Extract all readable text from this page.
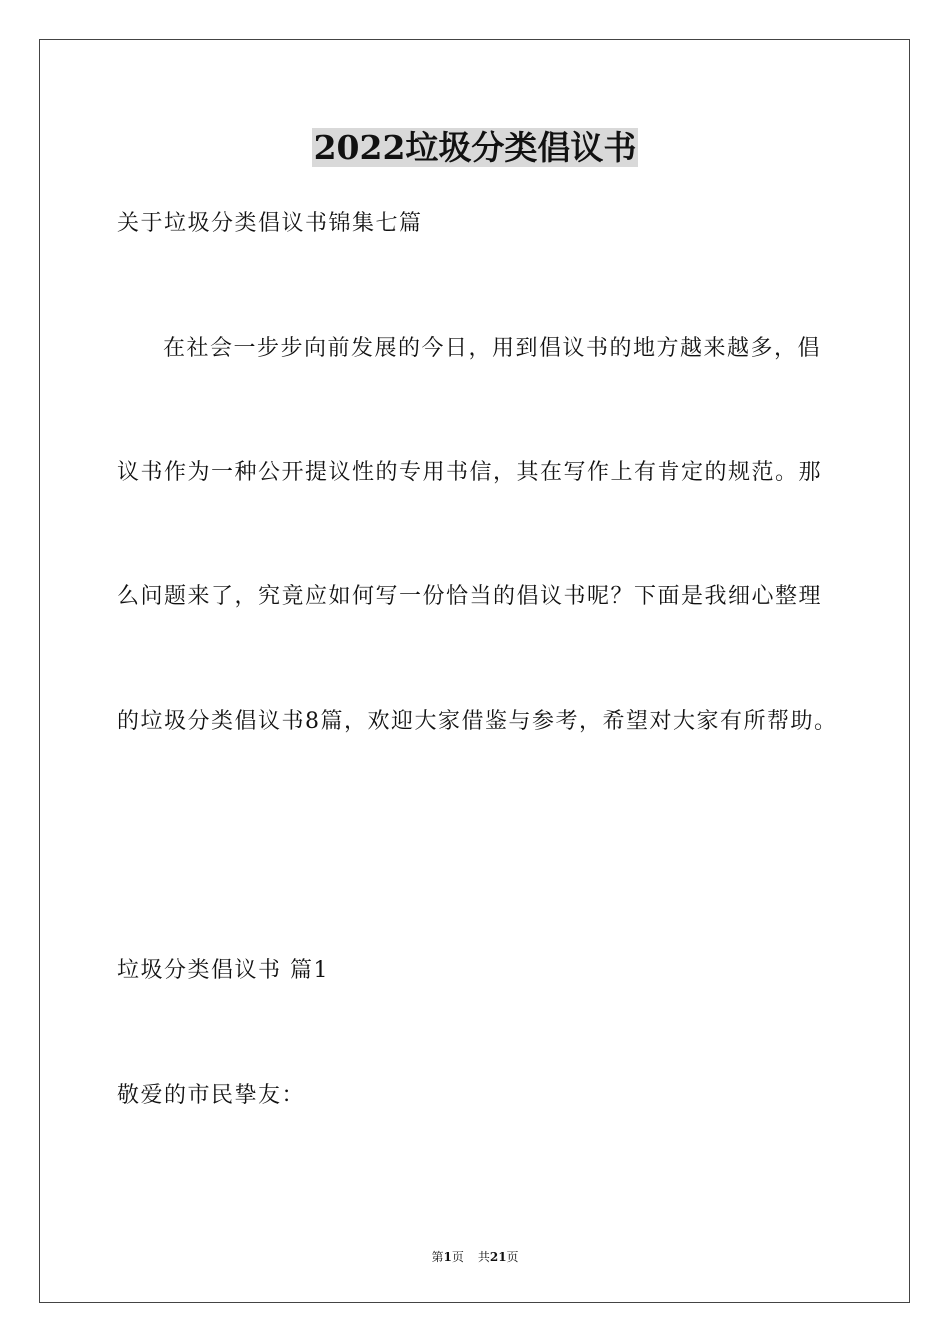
2022垃圾分类倡议书
关于垃圾分类倡议书锦集七篇
在社会一步步向前发展的今日，用到倡议书的地方越来越多，倡
议书作为一种公开提议性的专用书信，其在写作上有肯定的规范。那
么问题来了，究竟应如何写一份恰当的倡议书呢？下面是我细心整理
的垃圾分类倡议书8篇，欢迎大家借鉴与参考，希望对大家有所帮助。
垃圾分类倡议书 篇1
敬爱的市民挚友：
第1页 共21页
